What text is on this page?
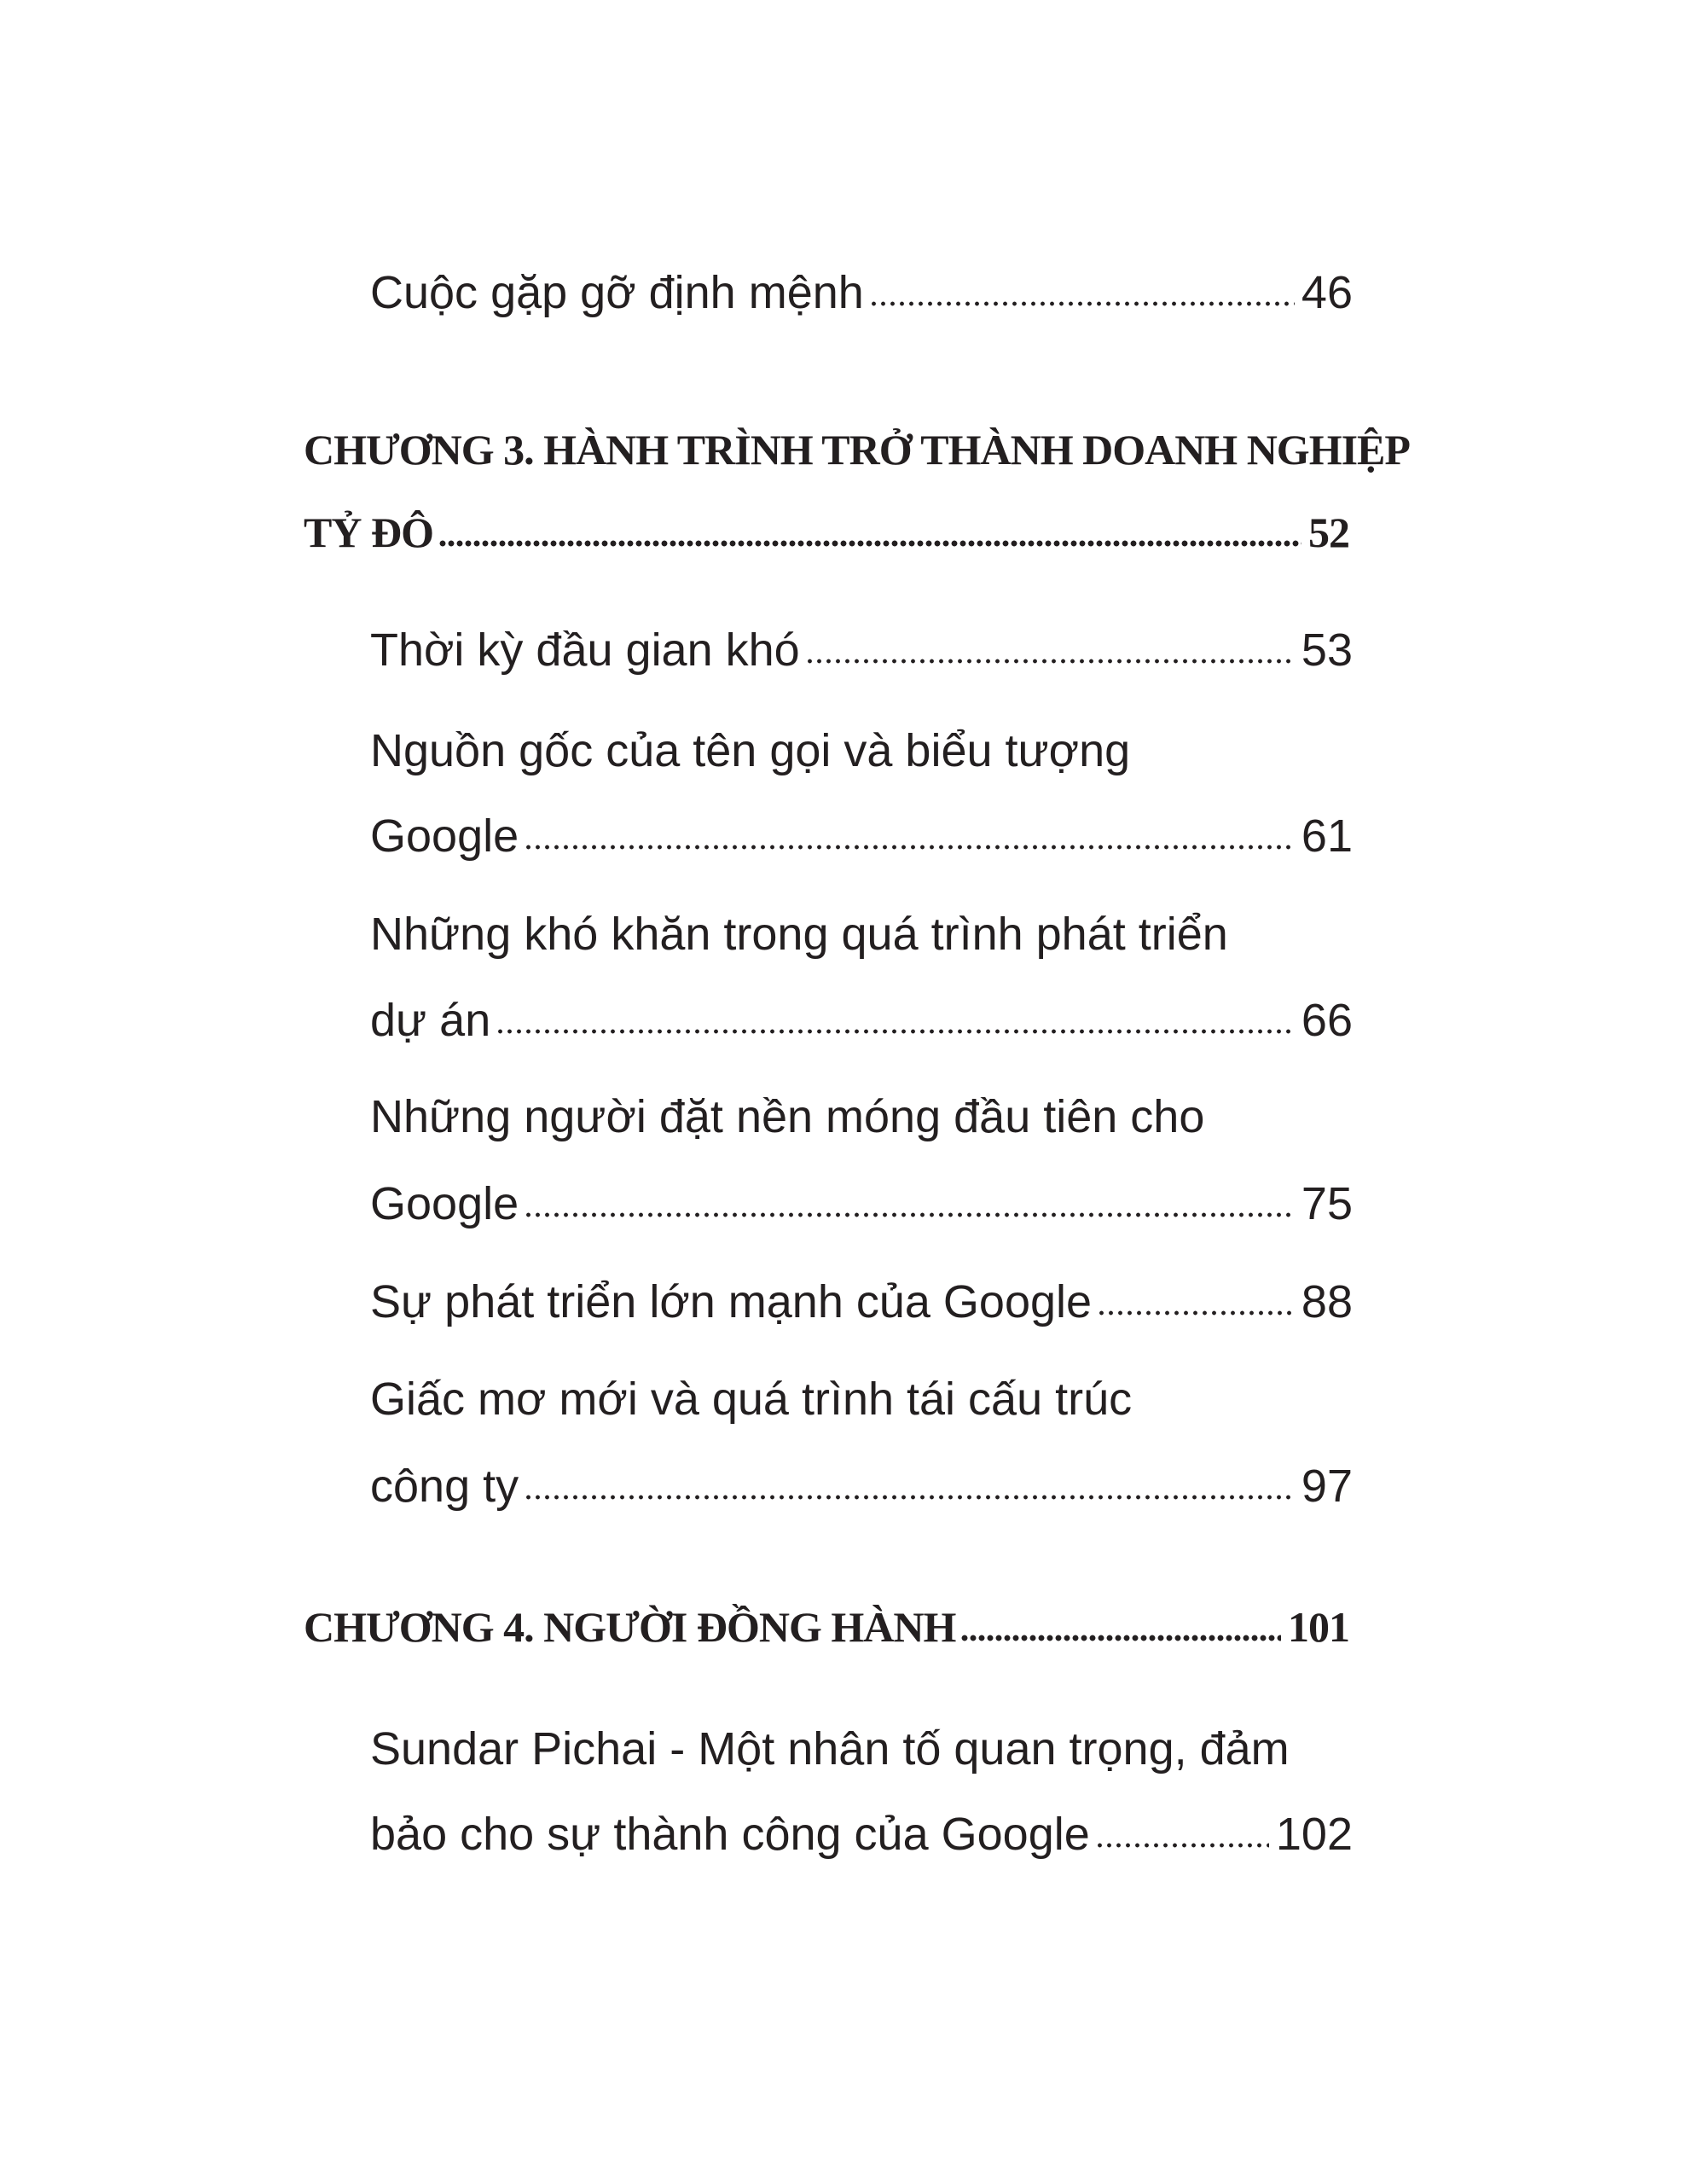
Cuộc gặp gỡ định mệnh	46
CHƯƠNG 3. HÀNH TRÌNH TRỞ THÀNH DOANH NGHIỆP
TỶ ĐÔ	52
Thời kỳ đầu gian khó	53
Nguồn gốc của tên gọi và biểu tượng
Google	61
Những khó khăn trong quá trình phát triển
dự án	66
Những người đặt nền móng đầu tiên cho
Google	75
Sự phát triển lớn mạnh của Google	88
Giấc mơ mới và quá trình tái cấu trúc
công ty	97
CHƯƠNG 4. NGƯỜI ĐỒNG HÀNH	101
Sundar Pichai - Một nhân tố quan trọng, đảm
bảo cho sự thành công của Google	102
